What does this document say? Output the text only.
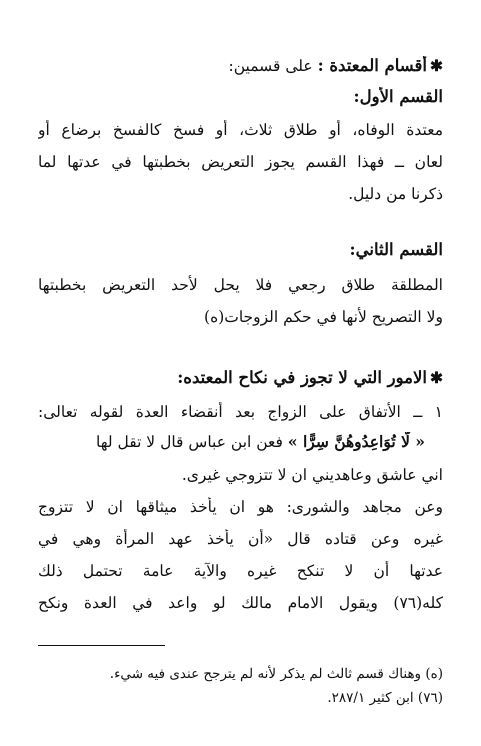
✱أقسام المعتدة : على قسمين:
القسم الأول:
معتدة الوفاه، أو طلاق ثلاث، أو فسخ كالفسخ برضاع أو
لعان ــ فهذا القسم يجوز التعريض بخطبتها في عدتها لما
ذكرنا من دليل.
القسم الثاني:
المطلقة طلاق رجعي فلا يحل لأحد التعريض بخطبتها
ولا التصريح لأنها في حكم الزوجات(ه)
✱الامور التي لا تجوز في نكاح المعتده:
١ ــ الأتفاق على الزواج بعد أنقضاء العدة لقوله تعالى:
« لَّا تُوَاعِدُوهُنَّ سِرًّا » فعن ابن عباس قال لا تقل لها
اني عاشق وعاهديني ان لا تتزوجي غيرى.
وعن مجاهد والشورى: هو ان يأخذ ميثاقها ان لا تتزوج
غيره وعن قتاده قال «أن يأخذ عهد المرأة وهي في
عدتها أن لا تنكح غيره والآية عامة تحتمل ذلك
كله(٧٦) ويقول الامام مالك لو واعد في العدة ونكح
(ه) وهناك قسم ثالث لم يذكر لأنه لم يترجح عندى فيه شيء.
(٧٦) ابن كثير ٢٨٧/١.
